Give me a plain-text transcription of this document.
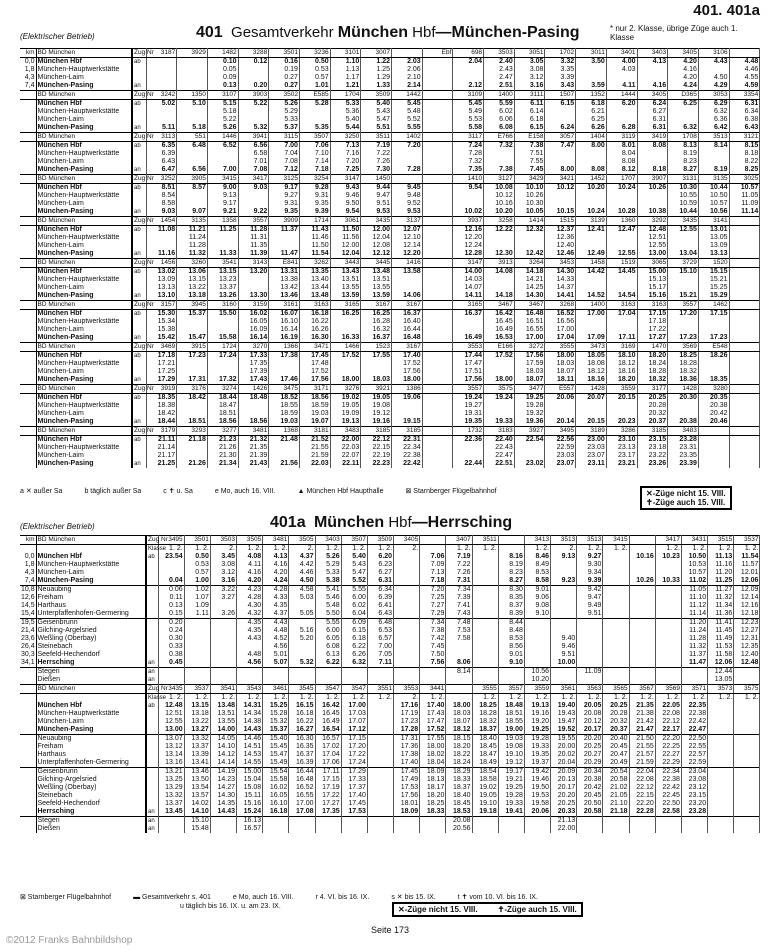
401. 401a
(Elektrischer Betrieb)	401 Gesamtverkehr München Hbf—München-Pasing	* nur 2. Klasse, übrige Züge auch 1. Klasse
km	BD München	Zug Nr	3187	3929	1482	3288	3501	3236	3101	3007		Ebf	698	3503	3051	1702	3011	3401	3403	3405	3106	
0,0	München Hbf	ab			0.10	0.12	0.16	0.50	1.10	1.22	2.03		2.04	2.40	3.05	3.32	3.50	4.00	4.13	4.20	4.43	4.48
1,8	München-Hauptwerkstätte				0.05		0.19	0.53	1.13	1.25	2.06			2.43	3.08	3.35		4.03		4.16		4.46
4,3	München-Laim				0.09		0.27	0.57	1.17	1.29	2.10			2.47	3.12	3.39				4.20	4.50	4.55
7,4	München-Pasing	an			0.13	0.20	0.27	1.01	1.21	1.33	2.14		2.12	2.51	3.16	3.43	3.59	4.11	4.16	4.24	4.29	4.59
	BD München	Zug Nr	3242	1350	3107	3903	3502	E585	1704	3509	1442		3109	1400	3111	1507	1352	1444	3405	D365	3053	3354
	München Hbf	ab	5.02	5.10	5.15	5.22	5.26	5.28	5.33	5.40	5.45		5.45	5.59	6.11	6.15	6.18	6.20	6.24	6.25	6.29	6.31
	München-Hauptwerkstätte				5.18		5.29		5.36	5.43	5.48		5.49	6.02	6.14		6.21		6.27		6.32	6.34
	München-Laim				5.22		5.33		5.40	5.47	5.52		5.53	6.06	6.18		6.25		6.31		6.36	6.38
	München-Pasing	an	5.11	5.18	5.26	5.32	5.37	5.35	5.44	5.51	5.55		5.58	6.08	6.15	6.24	6.26	6.28	6.31	6.32	6.42	6.43
	BD München	Zug Nr	3113	551	1446	3941	3115	3507	3250	3511	1402		3117	E766	E158	3057	1404	3119	3419	1708	3513	3121
	München Hbf	ab	6.35	6.48	6.52	6.56	7.00	7.06	7.13	7.19	7.20		7.24	7.32	7.38	7.47	8.00	8.01	8.08	8.13	8.14	8.15
	München-Hauptwerkstätte		6.39			6.58	7.04	7.10	7.16	7.22			7.28		7.51			8.04		8.19		8.18
	München-Laim		6.43			7.01	7.08	7.14	7.20	7.26			7.32		7.55			8.08		8.23		8.22
	München-Pasing	an	6.47	6.56	7.00	7.08	7.12	7.18	7.25	7.30	7.28		7.35	7.38	7.45	8.00	8.08	8.12	8.18	8.27	8.19	8.25
	BD München	Zug Nr	3252	3905	3415	3417	3125	3254	3147	1450			1410	3127	3429	3421	1452	1707	3907	3131	3135	3025
	München Hbf	ab	8.51	8.57	9.00	9.03	9.17	9.28	9.43	9.44	9.45		9.54	10.08	10.10	10.12	10.20	10.24	10.26	10.30	10.44	10.57
	München-Hauptwerkstätte		8.54		9.13		9.27	9.31	9.46	9.47	9.48			10.12	10.26					10.55	10.50	11.05
	München-Laim		8.58		9.17		9.31	9.35	9.50	9.51	9.52			10.16	10.30					10.59	10.57	11.09
	München-Pasing	an	9.03	9.07	9.21	9.22	9.35	9.39	9.54	9.53	9.53		10.02	10.20	10.05	10.15	10.24	10.28	10.38	10.44	10.56	11.14
	BD München	Zug Nr	1454	3135	1358	3557	3909	1714	3061	3435	3137		3937	3258	1414	1515	3139	1360	3292	3435	3141	
	München Hbf	ab	11.08	11.21	11.25	11.28	11.37	11.43	11.50	12.00	12.07		12.16	12.22	12.32	12.37	12.41	12.47	12.48	12.55	13.01	
	München-Hauptwerkstätte			11.24		11.31		11.46	11.56	12.04	12.10		12.20			12.36			12.51		13.05	
	München-Laim			11.28		11.35		11.50	12.00	12.08	12.14		12.24			12.40			12.55		13.09	
	München-Pasing	an	11.16	11.32	11.33	11.39	11.47	11.54	12.04	12.12	12.20		12.28	12.30	12.42	12.46	12.49	12.55	13.00	13.04	13.13	
	BD München	Zug Nr	1456	3260	3541	3143	E841	3262	3443	3445	1416		3147	3913	3264	3453	1458	1519	3065	3729	1520	
	München Hbf	ab	13.02	13.06	13.15	13.20	13.31	13.35	13.43	13.48	13.58		14.00	14.08	14.18	14.30	14.42	14.45	15.00	15.10	15.15	
	München-Hauptwerkstätte		13.09	13.15	13.23		13.38	13.40	13.51	13.51			14.03		14.21	14.33			15.13		15.21	
	München-Laim		13.13	13.22	13.37		13.42	13.44	13.55	13.55			14.07		14.25	14.37			15.17		15.25	
	München-Pasing	an	13.10	13.18	13.26	13.30	13.46	13.48	13.59	13.59	14.06		14.11	14.18	14.30	14.41	14.52	14.54	15.16	15.21	15.29	
	BD München	Zug Nr	3157	3945	3160	3159	3161	3163	3165	3167	3167		3165	3467	3467	3268	1400	3163	3163	3557	1462	
	München Hbf	ab	15.30	15.37	15.50	16.02	16.07	16.18	16.25	16.25	16.37		16.37	16.42	16.48	16.52	17.00	17.04	17.15	17.20	17.15	
	München-Hauptwerkstätte		15.34			16.05	16.10	16.22		16.28	16.40			16.45	16.51	16.56			17.18			
	München-Laim		15.38			16.09	16.14	16.26		16.32	16.44			16.49	16.55	17.00			17.22			
	München-Pasing	an	15.42	15.47	15.58	16.14	16.19	16.30	16.33	16.37	16.48		16.49	16.53	17.00	17.04	17.09	17.11	17.27	17.23	17.23	
	BD München	Zug Nr	3469	3915	1724	3270	1366	3471	1466	1523	3167		3553	E166	3272	3555	3473	3169	1470	3569	E548	
	München Hbf	ab	17.18	17.23	17.24	17.33	17.38	17.45	17.52	17.55	17.40		17.44	17.52	17.56	18.00	18.05	18.10	18.20	18.25	18.26	
	München-Hauptwerkstätte		17.21			17.35		17.48			17.52		17.47		17.59	18.03	18.08	18.12	18.24	18.28		
	München-Laim		17.25			17.39		17.52			17.56		17.51		18.03	18.07	18.12	18.16	18.28	18.32		
	München-Pasing	an	17.29	17.31	17.32	17.43	17.46	17.56	18.00	18.03	18.00		17.56	18.00	18.07	18.11	18.16	18.20	18.32	18.36	18.35	
	BD München	Zug Nr	3919	3176	3274	1426	3475	3171	3276	3921	1386		3557	3575	3477	E557	1428	3559	3177	1428	3280	
	München Hbf	ab	18.35	18.42	18.44	18.48	18.52	18.56	19.02	19.05	19.06		19.24	19.24	19.25	20.06	20.07	20.15	20.25	20.30	20.35	
	München-Hauptwerkstätte		18.38		18.47		18.55	18.59	19.05	19.08			19.27		19.28				20.28		20.38	
	München-Laim		18.42		18.51		18.59	19.03	19.09	19.12			19.31		19.32				20.32		20.42	
	München-Pasing	an	18.44	18.51	18.56	18.56	19.03	19.07	19.13	19.16	19.15		19.35	19.33	19.36	20.14	20.15	20.23	20.37	20.38	20.46	
	BD München	Zug Nr	3179	3293	3277	3481	1368	3181	3483	3185	3185		1732	3183	3927	3495	3189	3286	3185	3483		
	München Hbf	ab	21.11	21.18	21.23	21.32	21.48	21.52	22.00	22.12	22.31		22.36	22.40	22.54	22.56	23.00	23.10	23.15	23.28		
	München-Hauptwerkstätte		21.14		21.26	21.35		21.55	22.03	22.15	22.34			22.43		22.59	23.03	23.13	23.18	23.31		
	München-Laim		21.17		21.30	21.39		21.59	22.07	22.19	22.38			22.47		23.03	23.07	23.17	23.22	23.35		
	München-Pasing	an	21.25	21.26	21.34	21.43	21.56	22.03	22.11	22.23	22.42		22.44	22.51	23.02	23.07	23.11	23.21	23.26	23.39		
a ✕ außer Sa	b täglich außer Sa	c ✝ u. Sa	e Mo, auch 16. VIII.	▲ München Hbf Haupthalle	⊠ Starnberger Flügelbahnhof	✕-Züge nicht 15. VIII.
✝-Züge auch 15. VIII.
(Elektrischer Betrieb)	401a München Hbf—Herrsching
km	BD München	Zug Nr	3495	3501	3503	3505	3481	3505	3403	3507	3509	3405		3407	3511		3413	3513	3513	3415		3417	3431	3515	3537
		Klasse	1. 2.	1. 2.	2.	1. 2.	1. 2.	2.	1. 2.	1. 2.	1. 2.	2.		1. 2.	1. 2.		1. 2.	2.	1. 2.	1. 2.		1. 2.	1. 2.	1. 2.	1. 2.
0,0	München Hbf	ab	23.54	0.50	3.45	4.08	4.13	4.37	5.26	5.40	6.20		7.06	7.19		8.16	8.46	9.13	9.27		10.16	10.23	10.50	11.13	11.54
1,8	München-Hauptwerkstätte			0.53	3.08	4.11	4.16	4.42	5.29	5.43	6.23		7.09	7.22		8.19	8.49		9.30				10.53	11.16	11.57
4,3	München-Laim			0.57	3.12	4.16	4.20	4.46	5.33	5.47	6.27		7.13	7.26		8.23	8.53		9.34				10.57	11.20	12.01
7,4	München-Pasing		0.04	1.00	3.16	4.20	4.24	4.50	5.38	5.52	6.31		7.18	7.31		8.27	8.58	9.23	9.39		10.26	10.33	11.02	11.25	12.06
10,8	Neuaubing		0.06	1.02	3.22	4.23	4.28	4.58	5.41	5.55	6.34		7.20	7.34		8.30	9.01		9.42				11.05	11.27	12.09
12,6	Freiham		0.11	1.07	3.27	4.28	4.33	5.03	5.46	6.00	6.39		7.25	7.39		8.35	9.06		9.47				11.10	11.32	12.14
14,5	Harthaus		0.13	1.09		4.30	4.35		5.48	6.02	6.41		7.27	7.41		8.37	9.08		9.49				11.12	11.34	12.16
15,4	Unterpfaffenhofen-Germering		0.15	1.11	3.26	4.32	4.37	5.05	5.50	6.04	6.43		7.29	7.43		8.39	9.10		9.51				11.14	11.36	12.18
19,5	Geisenbrunn		0.20			4.35	4.43		5.55	6.09	6.48		7.34	7.48		8.44							11.20	11.41	12.23
21,4	Gilching-Argelsried		0.24			4.35	4.48	5.16	6.00	6.15	6.53		7.38	7.53		8.48							11.24	11.45	12.27
23,6	Weßling (Oberbay)		0.30			4.43	4.52	5.20	6.05	6.18	6.57		7.42	7.58		8.53		9.40					11.28	11.49	12.31
26,4	Steinebach		0.33				4.56		6.08	6.22	7.00		7.45			8.56		9.46					11.32	11.53	12.35
30,3	Seefeld-Hechendorf		0.38			4.48	5.01		6.13	6.26	7.05		7.50			9.01		9.51					11.37	11.58	12.40
34,1	Herrsching	an	0.45			4.56	5.07	5.32	6.22	6.32	7.11		7.56	8.06		9.10		10.00					11.47	12.06	12.48
	Stegen	an												8.14			10.56		11.09					12.44	
	Dießen	an															10.20							13.05	
	BD München	Zug Nr	3435	3537	3541	3543	3461	3545	3547	3547	3551	3553	3441		3555	3557	3559	3561	3563	3565	3567	3569	3571	3573	3575
		Klasse	1. 2.	1. 2.	1. 2.	1. 2.	1. 2.	1. 2.	1. 2.	1. 2.	1. 2.	2.	1. 2.		1. 2.	1. 2.	1. 2.	1. 2.	1. 2.	1. 2.	1. 2.	1. 2.	1. 2.	1. 2.	1. 2.
	München Hbf	ab	12.48	13.15	13.48	14.31	15.25	16.15	16.42	17.00		17.16	17.40	18.00	18.25	18.48	19.13	19.40	20.05	20.25	21.35	22.05	22.35		
	München-Hauptwerkstätte		12.51	13.18	13.51	14.34	15.28	16.18	16.45	17.03		17.19	17.43	18.03	18.28	18.51	19.16	19.43	20.08	20.28	21.38	22.08	22.38		
	München-Laim		12.55	13.22	13.55	14.38	15.32	16.22	16.49	17.07		17.23	17.47	18.07	18.32	18.55	19.20	19.47	20.12	20.32	21.42	22.12	22.42		
	München-Pasing		13.00	13.27	14.00	14.43	15.37	16.27	16.54	17.12		17.28	17.52	18.12	18.37	19.00	19.25	19.52	20.17	20.37	21.47	22.17	22.47		
	Neuaubing		13.07	13.32	14.05	14.46	15.40	16.30	16.57	17.15		17.31	17.55	18.15	18.40	19.03	19.28	19.55	20.20	20.40	21.50	22.20	22.50		
	Freiham		13.12	13.37	14.10	14.51	15.45	16.35	17.02	17.20		17.36	18.00	18.20	18.45	19.08	19.33	20.00	20.25	20.45	21.55	22.25	22.55		
	Harthaus		13.14	13.39	14.12	14.53	15.47	16.37	17.04	17.22		17.38	18.02	18.22	18.47	19.10	19.35	20.02	20.27	20.47	21.57	22.27	22.57		
	Unterpfaffenhofen-Germering		13.16	13.41	14.14	14.55	15.49	16.39	17.06	17.24		17.40	18.04	18.24	18.49	19.12	19.37	20.04	20.29	20.49	21.59	22.29	22.59		
	Geisenbrunn		13.21	13.46	14.19	15.00	15.54	16.44	17.11	17.29		17.45	18.09	18.29	18.54	19.17	19.42	20.09	20.34	20.54	22.04	22.34	23.04		
	Gilching-Argelsried		13.25	13.50	14.23	15.04	15.58	16.48	17.15	17.33		17.49	18.13	18.33	18.58	19.21	19.46	20.13	20.38	20.58	22.08	22.38	23.08		
	Weßling (Oberbay)		13.29	13.54	14.27	15.08	16.02	16.52	17.19	17.37		17.53	18.17	18.37	19.02	19.25	19.50	20.17	20.42	21.02	22.12	22.42	23.12		
	Steinebach		13.32	13.57	14.30	15.11	16.05	16.55	17.22	17.40		17.56	18.20	18.40	19.05	19.28	19.53	20.20	20.45	21.05	22.15	22.45	23.15		
	Seefeld-Hechendorf		13.37	14.02	14.35	15.16	16.10	17.00	17.27	17.45		18.01	18.25	18.45	19.10	19.33	19.58	20.25	20.50	21.10	22.20	22.50	23.20		
	Herrsching	an	13.45	14.10	14.43	15.24	16.18	17.08	17.35	17.53		18.09	18.33	18.53	19.18	19.41	20.06	20.33	20.58	21.18	22.28	22.58	23.28		
	Stegen	an		15.10		16.13								20.08				21.13							
	Dießen	an		15.48		16.57								20.56				22.00							
⊠ Starnberger Flügelbahnhof	▬ Gesamtverkehr s. 401	e Mo, auch 16. VIII.	r 4. VI. bis 16. IX.	s ✕ bis 15. IX.	t ✝ vom 10. VI. bis 16. IX.
u täglich bis 16. IX. u. am 23. IX.	✕-Züge nicht 15. VIII.	✝-Züge auch 15. VIII.
Seite 173
©2012 Franks Bahnbildshop
